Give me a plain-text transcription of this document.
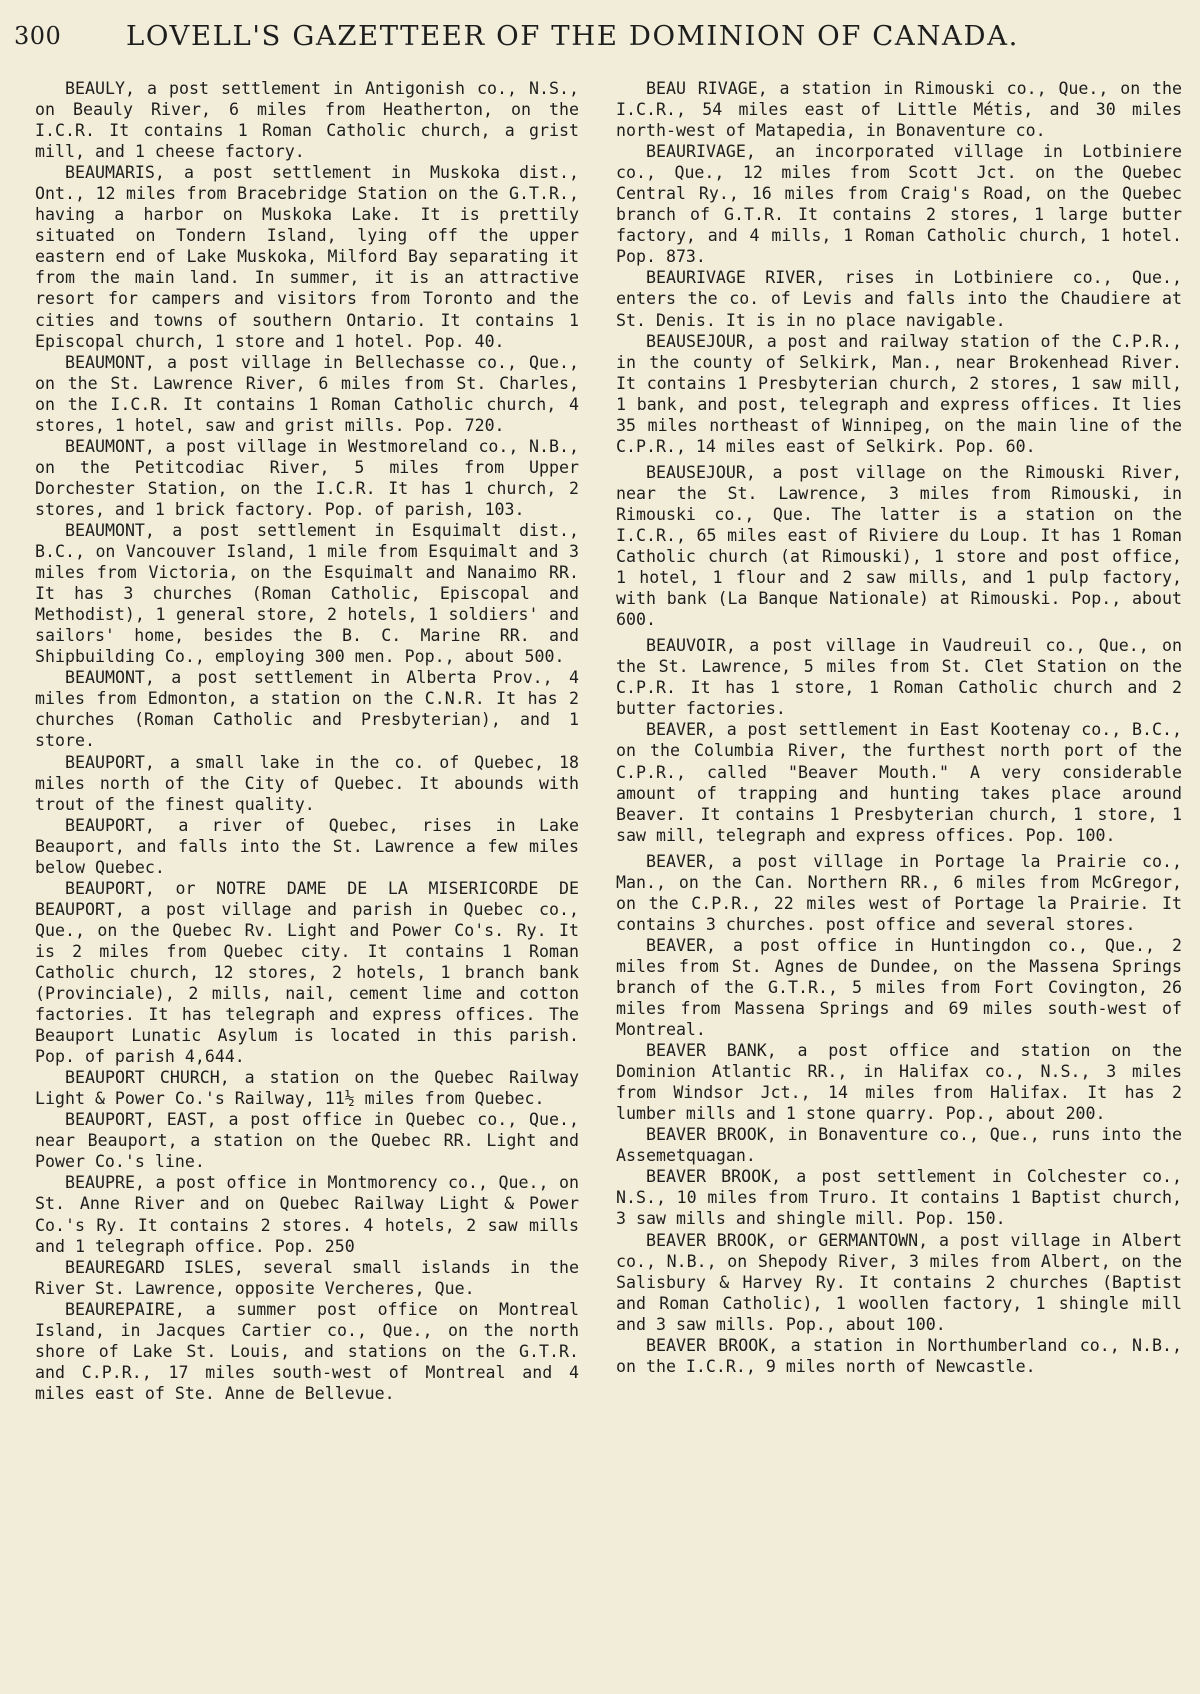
300 LOVELL'S GAZETTEER OF THE DOMINION OF CANADA.

BEAULY, a post settlement in Antigonish co., N.S., on Beauly River, 6 miles from Heatherton, on the I.C.R. It contains 1 Roman Catholic church, a grist mill, and 1 cheese factory.

BEAUMARIS, a post settlement in Muskoka dist., Ont., 12 miles from Bracebridge Station on the G.T.R., having a harbor on Muskoka Lake. It is prettily situated on Tondern Island, lying off the upper eastern end of Lake Muskoka, Milford Bay separating it from the main land. In summer, it is an attractive resort for campers and visitors from Toronto and the cities and towns of southern Ontario. It contains 1 Episcopal church, 1 store and 1 hotel. Pop. 40.

BEAUMONT, a post village in Bellechasse co., Que., on the St. Lawrence River, 6 miles from St. Charles, on the I.C.R. It contains 1 Roman Catholic church, 4 stores, 1 hotel, saw and grist mills. Pop. 720.

BEAUMONT, a post village in Westmoreland co., N.B., on the Petitcodiac River, 5 miles from Upper Dorchester Station, on the I.C.R. It has 1 church, 2 stores, and 1 brick factory. Pop. of parish, 103.

BEAUMONT, a post settlement in Esquimalt dist., B.C., on Vancouver Island, 1 mile from Esquimalt and 3 miles from Victoria, on the Esquimalt and Nanaimo RR. It has 3 churches (Roman Catholic, Episcopal and Methodist), 1 general store, 2 hotels, 1 soldiers' and sailors' home, besides the B. C. Marine RR. and Shipbuilding Co., employing 300 men. Pop., about 500.

BEAUMONT, a post settlement in Alberta Prov., 4 miles from Edmonton, a station on the C.N.R. It has 2 churches (Roman Catholic and Presbyterian), and 1 store.

BEAUPORT, a small lake in the co. of Quebec, 18 miles north of the City of Quebec. It abounds with trout of the finest quality.

BEAUPORT, a river of Quebec, rises in Lake Beauport, and falls into the St. Lawrence a few miles below Quebec.

BEAUPORT, or NOTRE DAME DE LA MISERICORDE DE BEAUPORT, a post village and parish in Quebec co., Que., on the Quebec Rv. Light and Power Co's. Ry. It is 2 miles from Quebec city. It contains 1 Roman Catholic church, 12 stores, 2 hotels, 1 branch bank (Provinciale), 2 mills, nail, cement lime and cotton factories. It has telegraph and express offices. The Beauport Lunatic Asylum is located in this parish. Pop. of parish 4,644.

BEAUPORT CHURCH, a station on the Quebec Railway Light & Power Co.'s Railway, 11½ miles from Quebec.

BEAUPORT, EAST, a post office in Quebec co., Que., near Beauport, a station on the Quebec RR. Light and Power Co.'s line.

BEAUPRE, a post office in Montmorency co., Que., on St. Anne River and on Quebec Railway Light & Power Co.'s Ry. It contains 2 stores. 4 hotels, 2 saw mills and 1 telegraph office. Pop. 250

BEAUREGARD ISLES, several small islands in the River St. Lawrence, opposite Vercheres, Que.

BEAUREPAIRE, a summer post office on Montreal Island, in Jacques Cartier co., Que., on the north shore of Lake St. Louis, and stations on the G.T.R. and C.P.R., 17 miles south-west of Montreal and 4 miles east of Ste. Anne de Bellevue.

BEAU RIVAGE, a station in Rimouski co., Que., on the I.C.R., 54 miles east of Little Métis, and 30 miles north-west of Matapedia, in Bonaventure co.

BEAURIVAGE, an incorporated village in Lotbiniere co., Que., 12 miles from Scott Jct. on the Quebec Central Ry., 16 miles from Craig's Road, on the Quebec branch of G.T.R. It contains 2 stores, 1 large butter factory, and 4 mills, 1 Roman Catholic church, 1 hotel. Pop. 873.

BEAURIVAGE RIVER, rises in Lotbiniere co., Que., enters the co. of Levis and falls into the Chaudiere at St. Denis. It is in no place navigable.

BEAUSEJOUR, a post and railway station of the C.P.R., in the county of Selkirk, Man., near Brokenhead River. It contains 1 Presbyterian church, 2 stores, 1 saw mill, 1 bank, and post, telegraph and express offices. It lies 35 miles northeast of Winnipeg, on the main line of the C.P.R., 14 miles east of Selkirk. Pop. 60.

BEAUSEJOUR, a post village on the Rimouski River, near the St. Lawrence, 3 miles from Rimouski, in Rimouski co., Que. The latter is a station on the I.C.R., 65 miles east of Riviere du Loup. It has 1 Roman Catholic church (at Rimouski), 1 store and post office, 1 hotel, 1 flour and 2 saw mills, and 1 pulp factory, with bank (La Banque Nationale) at Rimouski. Pop., about 600.

BEAUVOIR, a post village in Vaudreuil co., Que., on the St. Lawrence, 5 miles from St. Clet Station on the C.P.R. It has 1 store, 1 Roman Catholic church and 2 butter factories.

BEAVER, a post settlement in East Kootenay co., B.C., on the Columbia River, the furthest north port of the C.P.R., called "Beaver Mouth." A very considerable amount of trapping and hunting takes place around Beaver. It contains 1 Presbyterian church, 1 store, 1 saw mill, telegraph and express offices. Pop. 100.

BEAVER, a post village in Portage la Prairie co., Man., on the Can. Northern RR., 6 miles from McGregor, on the C.P.R., 22 miles west of Portage la Prairie. It contains 3 churches. post office and several stores.

BEAVER, a post office in Huntingdon co., Que., 2 miles from St. Agnes de Dundee, on the Massena Springs branch of the G.T.R., 5 miles from Fort Covington, 26 miles from Massena Springs and 69 miles south-west of Montreal.

BEAVER BANK, a post office and station on the Dominion Atlantic RR., in Halifax co., N.S., 3 miles from Windsor Jct., 14 miles from Halifax. It has 2 lumber mills and 1 stone quarry. Pop., about 200.

BEAVER BROOK, in Bonaventure co., Que., runs into the Assemetquagan.

BEAVER BROOK, a post settlement in Colchester co., N.S., 10 miles from Truro. It contains 1 Baptist church, 3 saw mills and shingle mill. Pop. 150.

BEAVER BROOK, or GERMANTOWN, a post village in Albert co., N.B., on Shepody River, 3 miles from Albert, on the Salisbury & Harvey Ry. It contains 2 churches (Baptist and Roman Catholic), 1 woollen factory, 1 shingle mill and 3 saw mills. Pop., about 100.

BEAVER BROOK, a station in Northumberland co., N.B., on the I.C.R., 9 miles north of Newcastle.
